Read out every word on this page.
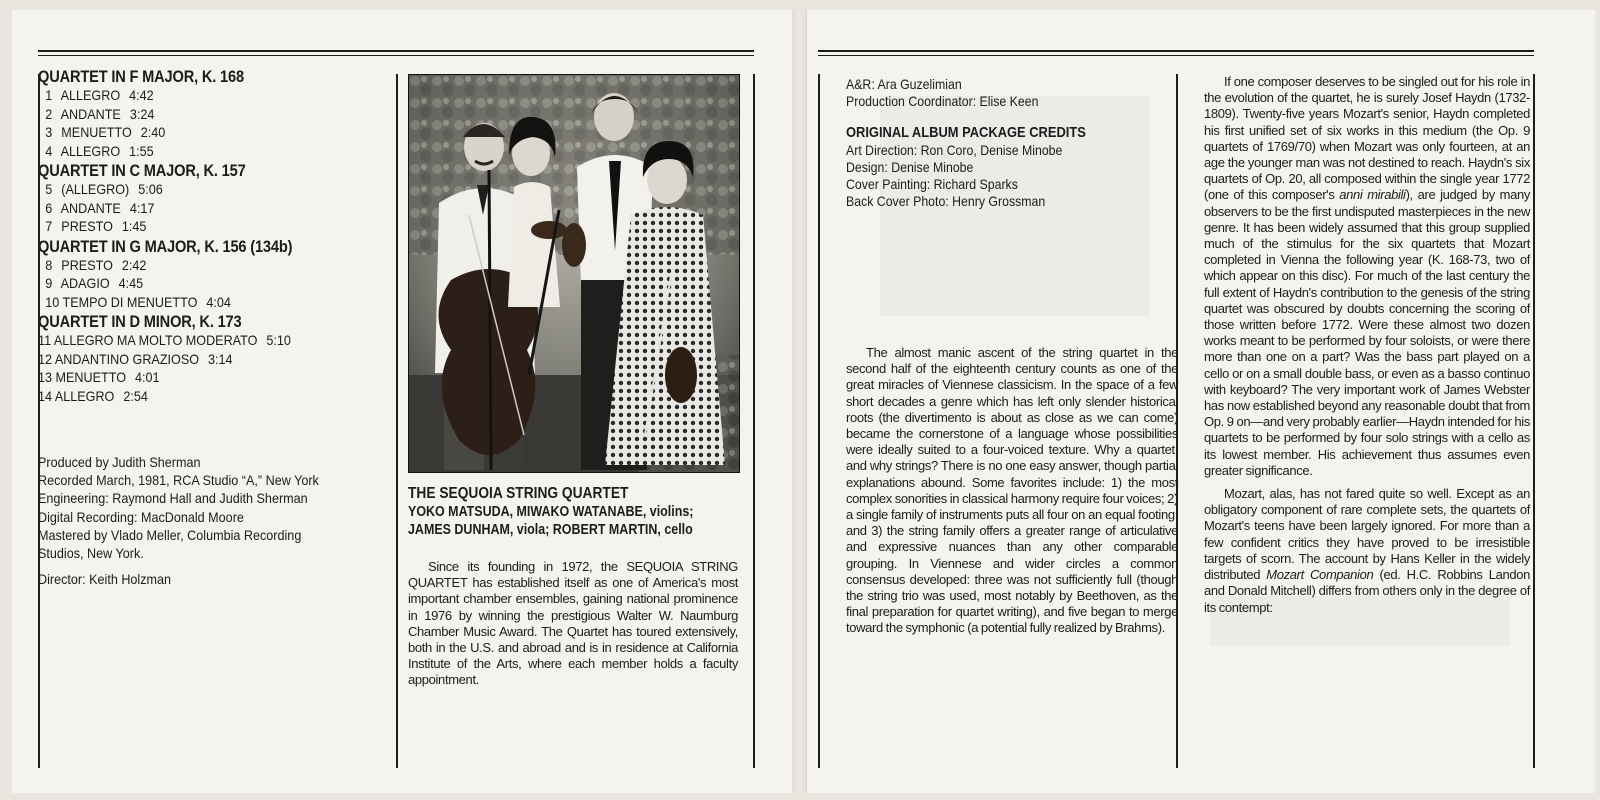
QUARTET IN F MAJOR, K. 168
1 ALLEGRO 4:42
2 ANDANTE 3:24
3 MENUETTO 2:40
4 ALLEGRO 1:55
QUARTET IN C MAJOR, K. 157
5 (ALLEGRO) 5:06
6 ANDANTE 4:17
7 PRESTO 1:45
QUARTET IN G MAJOR, K. 156 (134b)
8 PRESTO 2:42
9 ADAGIO 4:45
10 TEMPO DI MENUETTO 4:04
QUARTET IN D MINOR, K. 173
11 ALLEGRO MA MOLTO MODERATO 5:10
12 ANDANTINO GRAZIOSO 3:14
13 MENUETTO 4:01
14 ALLEGRO 2:54
Produced by Judith Sherman
Recorded March, 1981, RCA Studio “A,” New York
Engineering: Raymond Hall and Judith Sherman
Digital Recording: MacDonald Moore
Mastered by Vlado Meller, Columbia Recording
Studios, New York.
Director: Keith Holzman
THE SEQUOIA STRING QUARTET
YOKO MATSUDA, MIWAKO WATANABE, violins;
JAMES DUNHAM, viola; ROBERT MARTIN, cello
Since its founding in 1972, the SEQUOIA STRING QUARTET has established itself as one of America's most important chamber ensembles, gaining national prominence in 1976 by winning the prestigious Walter W. Naumburg Chamber Music Award. The Quartet has toured extensively, both in the U.S. and abroad and is in residence at California Institute of the Arts, where each member holds a faculty appointment.
A&R: Ara Guzelimian
Production Coordinator: Elise Keen
ORIGINAL ALBUM PACKAGE CREDITS
Art Direction: Ron Coro, Denise Minobe
Design: Denise Minobe
Cover Painting: Richard Sparks
Back Cover Photo: Henry Grossman

The almost manic ascent of the string quartet in the second half of the eighteenth century counts as one of the great miracles of Viennese classicism. In the space of a few short decades a genre which has left only slender historical roots (the divertimento is about as close as we can come) became the cornerstone of a language whose possibilities were ideally suited to a four-voiced texture. Why a quartet, and why strings? There is no one easy answer, though partial explanations abound. Some favorites include: 1) the most complex sonorities in classical harmony require four voices; 2) a single family of instruments puts all four on an equal footing; and 3) the string family offers a greater range of articulative and expressive nuances than any other comparable grouping. In Viennese and wider circles a common consensus developed: three was not sufficiently full (though the string trio was used, most notably by Beethoven, as the final preparation for quartet writing), and five began to merge toward the symphonic (a potential fully realized by Brahms).

If one composer deserves to be singled out for his role in the evolution of the quartet, he is surely Josef Haydn (1732-1809). Twenty-five years Mozart's senior, Haydn completed his first unified set of six works in this medium (the Op. 9 quartets of 1769/70) when Mozart was only fourteen, at an age the younger man was not destined to reach. Haydn's six quartets of Op. 20, all composed within the single year 1772 (one of this composer's anni mirabili), are judged by many observers to be the first undisputed masterpieces in the new genre. It has been widely assumed that this group supplied much of the stimulus for the six quartets that Mozart completed in Vienna the following year (K. 168-73, two of which appear on this disc). For much of the last century the full extent of Haydn's contribution to the genesis of the string quartet was obscured by doubts concerning the scoring of those written before 1772. Were these almost two dozen works meant to be performed by four soloists, or were there more than one on a part? Was the bass part played on a cello or on a small double bass, or even as a basso continuo with keyboard? The very important work of James Webster has now established beyond any reasonable doubt that from Op. 9 on—and very probably earlier—Haydn intended for his quartets to be performed by four solo strings with a cello as its lowest member. His achievement thus assumes even greater significance.

Mozart, alas, has not fared quite so well. Except as an obligatory component of rare complete sets, the quartets of Mozart's teens have been largely ignored. For more than a few confident critics they have proved to be irresistible targets of scorn. The account by Hans Keller in the widely distributed Mozart Companion (ed. H.C. Robbins Landon and Donald Mitchell) differs from others only in the degree of its contempt:
